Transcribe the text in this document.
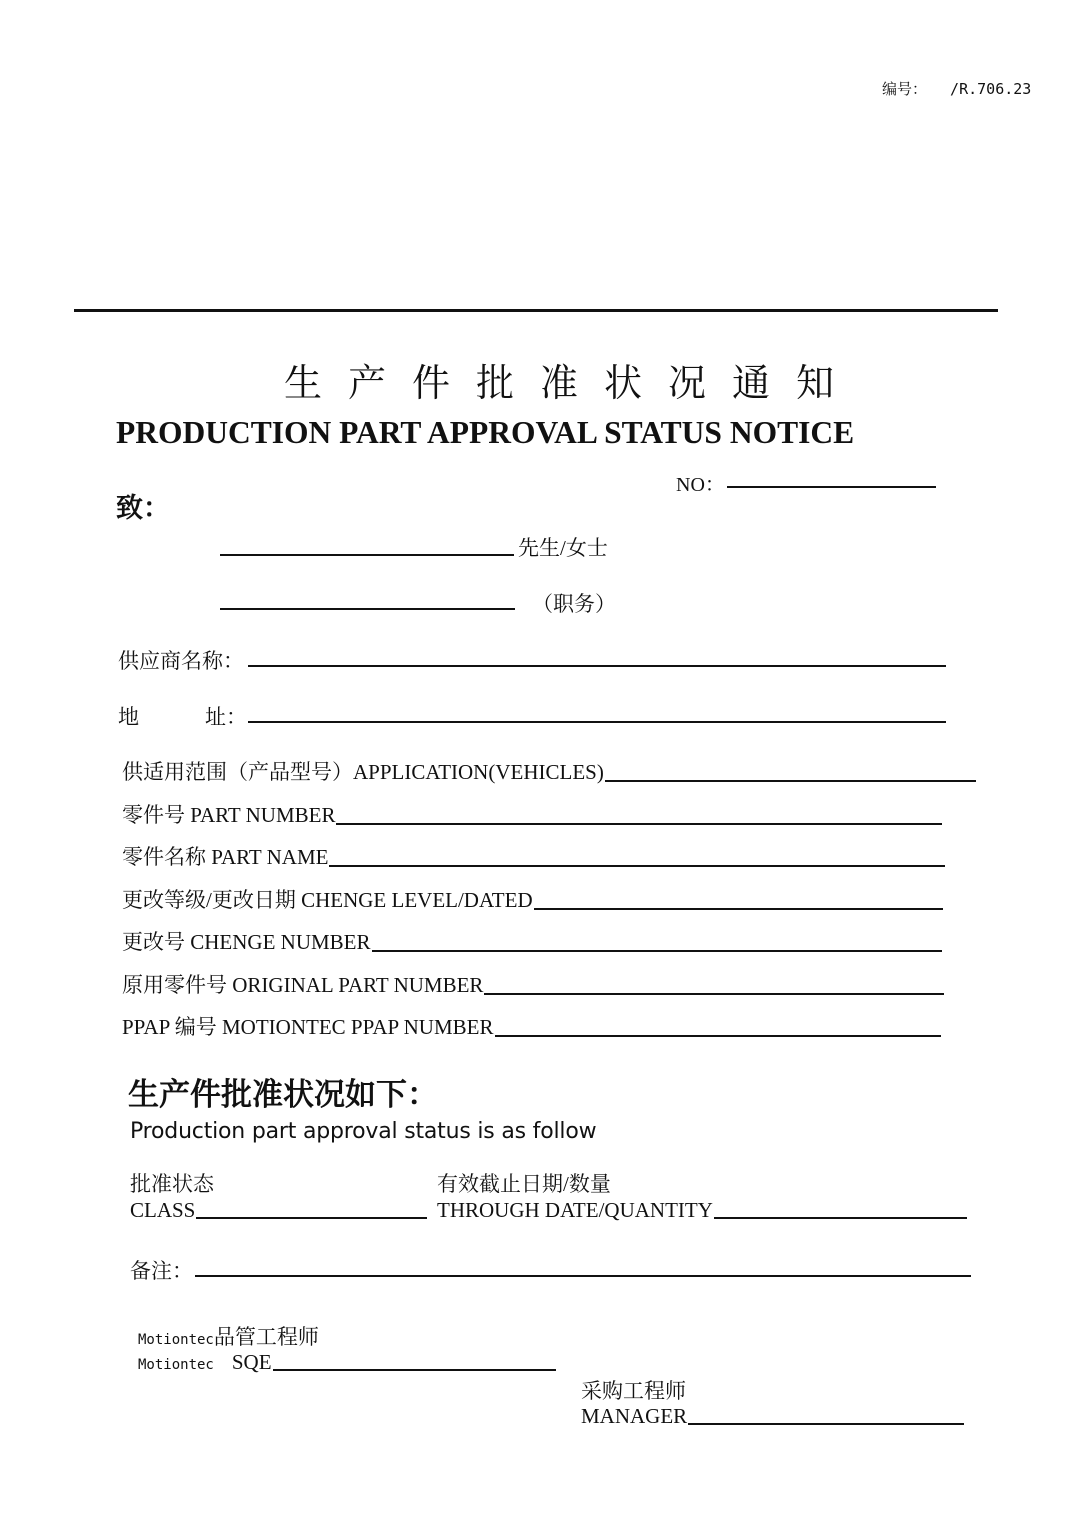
编号： /R.706.23
生产件批准状况通知
PRODUCTION PART APPROVAL STATUS NOTICE
NO：
致：
先生/女士
（职务）
供应商名称：
地	址：
供适用范围（产品型号）APPLICATION(VEHICLES)
零件号 PART NUMBER
零件名称 PART NAME
更改等级/更改日期 CHENGE LEVEL/DATED
更改号 CHENGE NUMBER
原用零件号 ORIGINAL PART NUMBER
PPAP 编号 MOTIONTEC PPAP NUMBER
生产件批准状况如下：
Production part approval status is as follow
批准状态
CLASS
有效截止日期/数量
THROUGH DATE/QUANTITY
备注：
Motiontec品管工程师
Motiontec SQE
采购工程师
MANAGER
